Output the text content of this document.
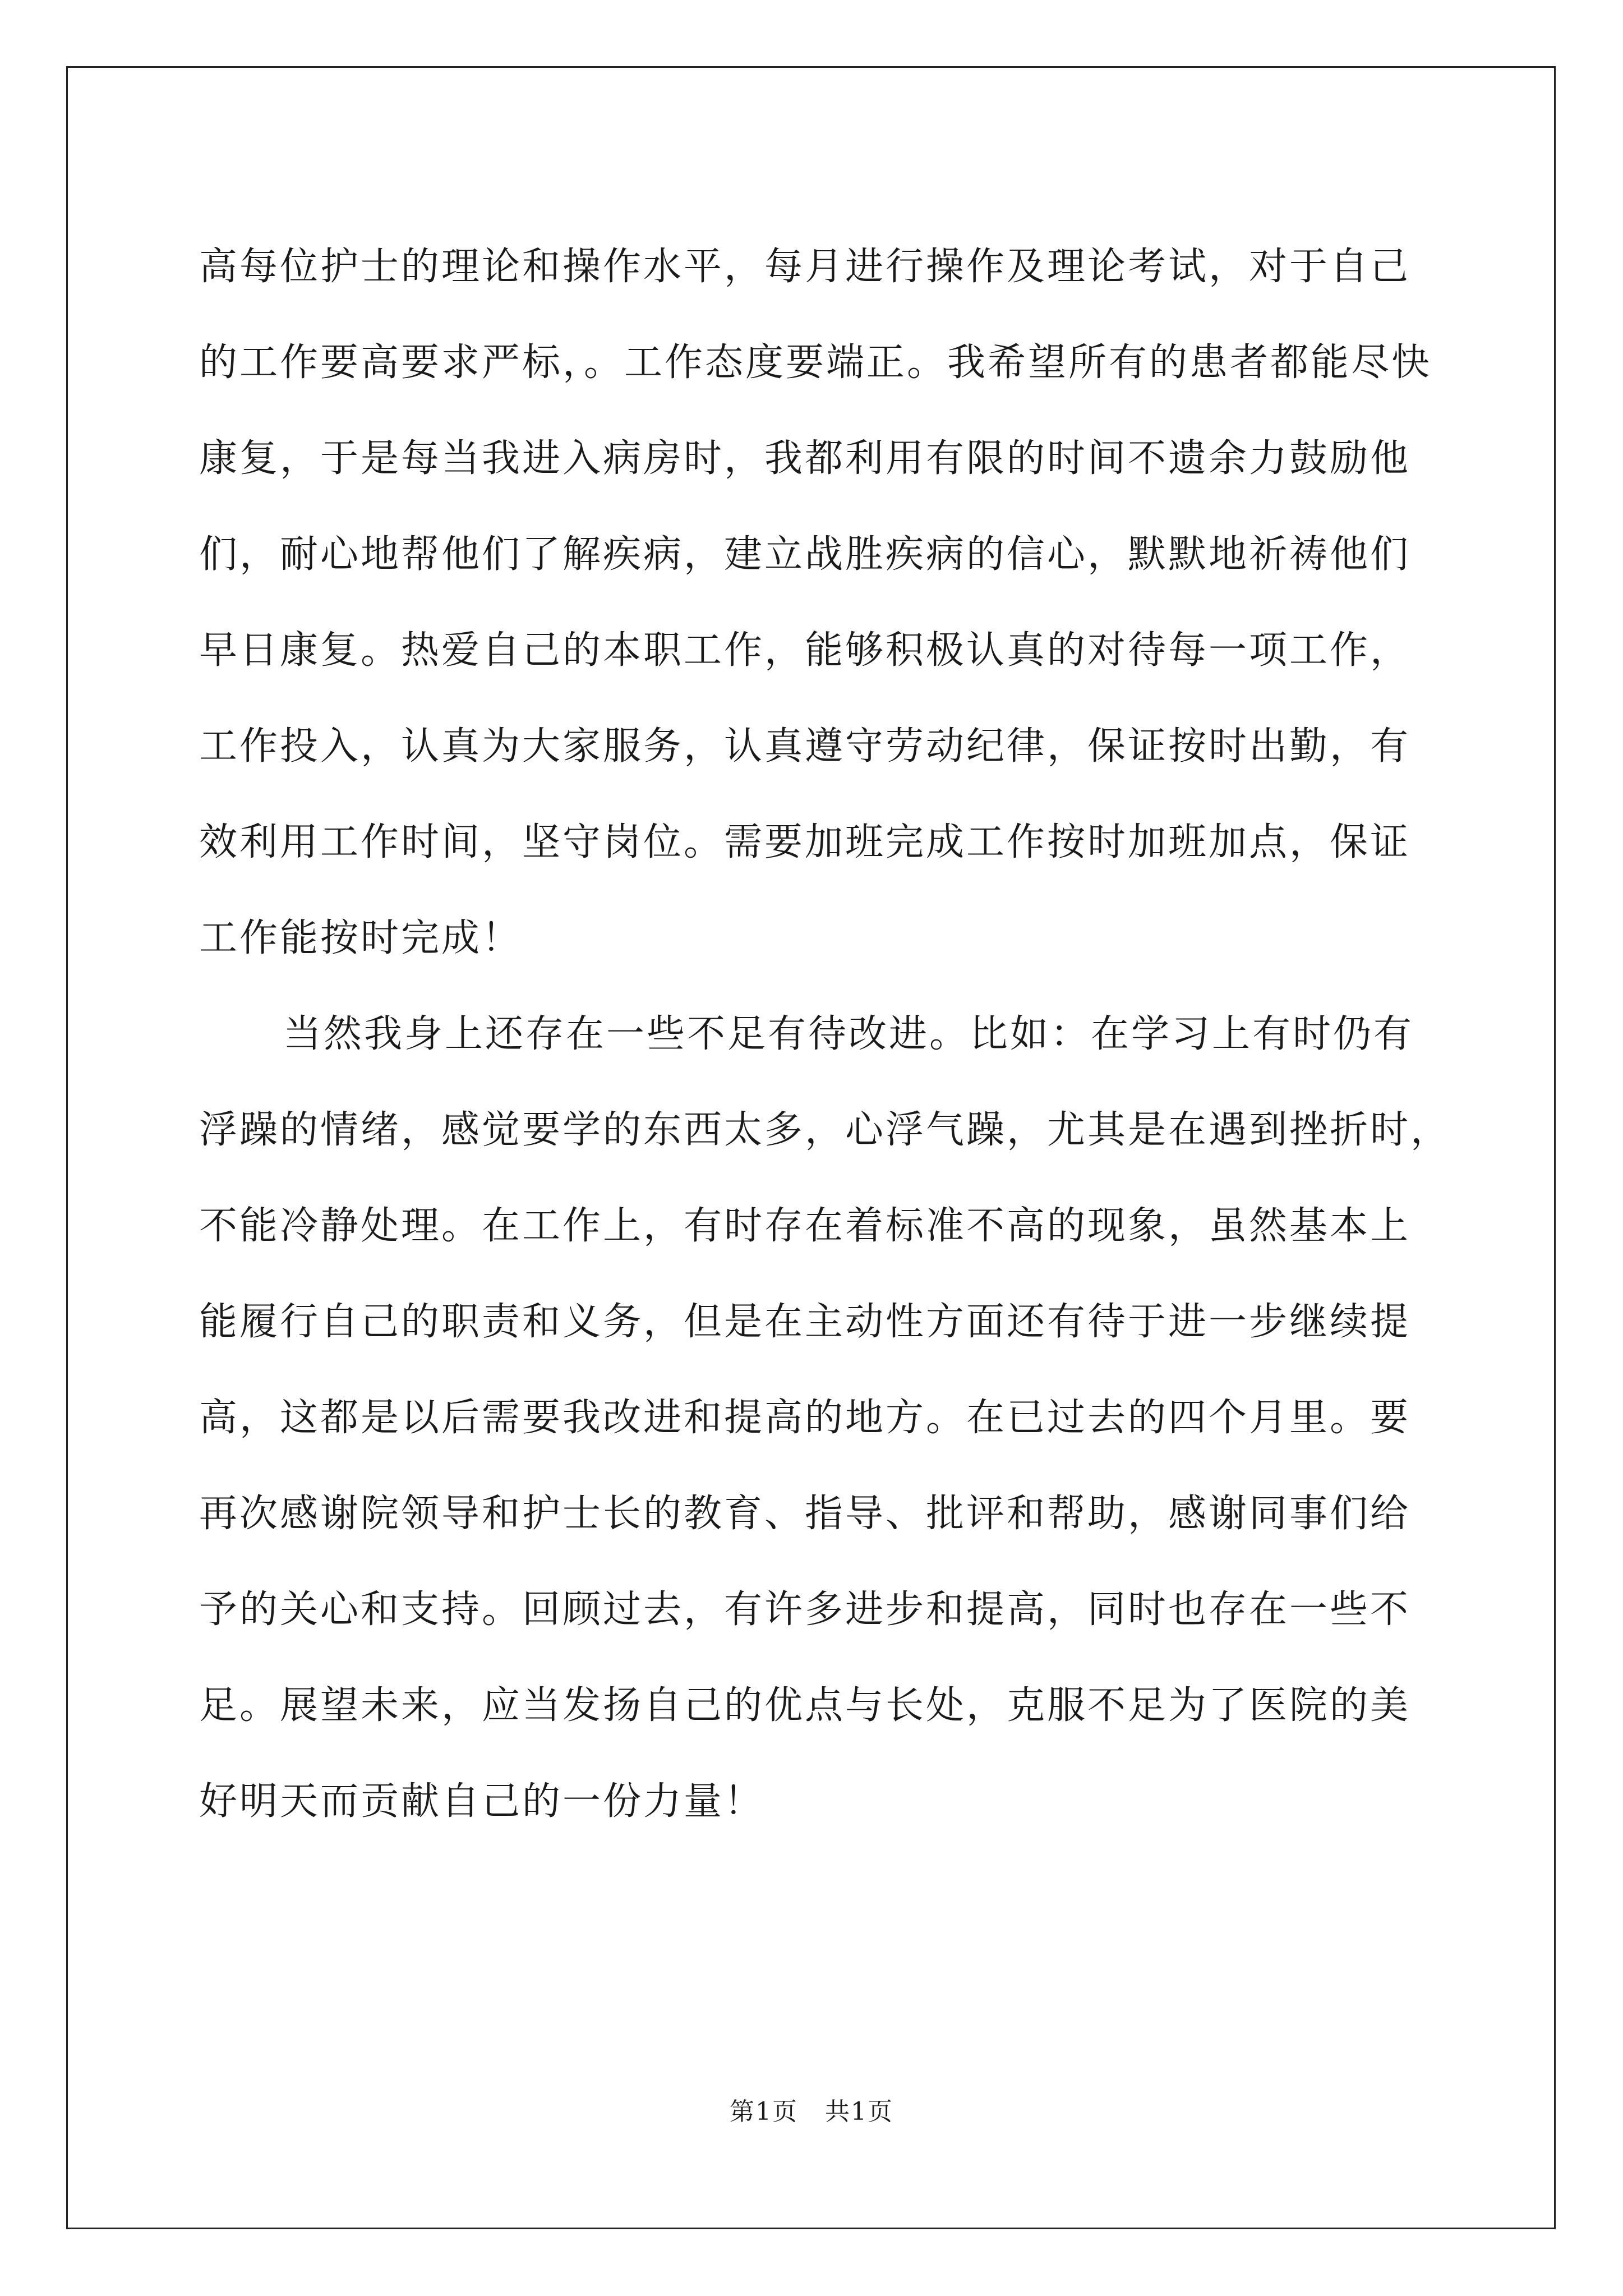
高每位护士的理论和操作水平，每月进行操作及理论考试，对于自己
的工作要高要求严标，。工作态度要端正。我希望所有的患者都能尽快
康复，于是每当我进入病房时，我都利用有限的时间不遗余力鼓励他
们，耐心地帮他们了解疾病，建立战胜疾病的信心，默默地祈祷他们
早日康复。热爱自己的本职工作，能够积极认真的对待每一项工作，
工作投入，认真为大家服务，认真遵守劳动纪律，保证按时出勤，有
效利用工作时间，坚守岗位。需要加班完成工作按时加班加点，保证
工作能按时完成！
当然我身上还存在一些不足有待改进。比如：在学习上有时仍有
浮躁的情绪，感觉要学的东西太多，心浮气躁，尤其是在遇到挫折时，
不能冷静处理。在工作上，有时存在着标准不高的现象，虽然基本上
能履行自己的职责和义务，但是在主动性方面还有待于进一步继续提
高，这都是以后需要我改进和提高的地方。在已过去的四个月里。要
再次感谢院领导和护士长的教育、指导、批评和帮助，感谢同事们给
予的关心和支持。回顾过去，有许多进步和提高，同时也存在一些不
足。展望未来，应当发扬自己的优点与长处，克服不足为了医院的美
好明天而贡献自己的一份力量！
第1页   共1页
